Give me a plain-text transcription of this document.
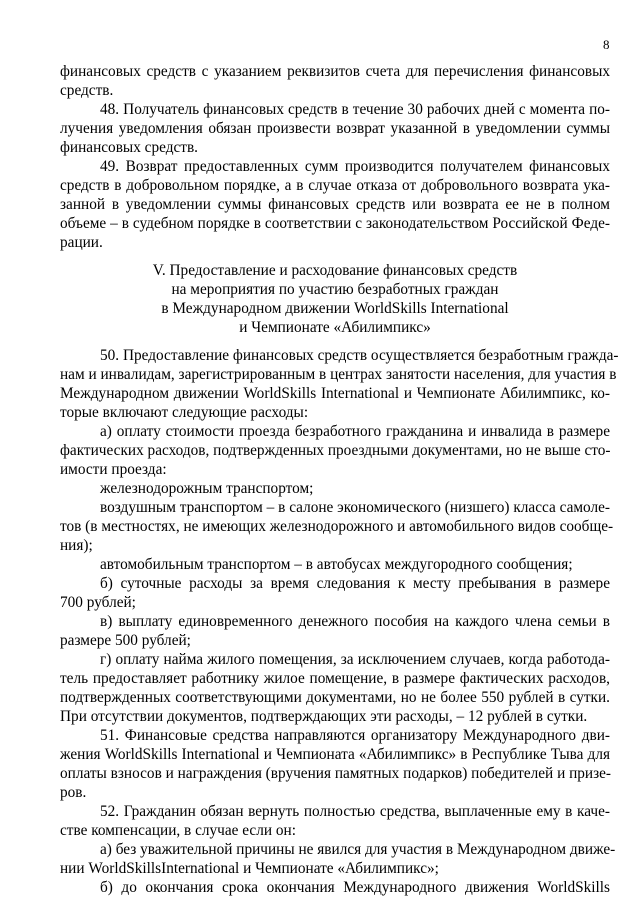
8
финансовых средств с указанием реквизитов счета для перечисления финансовых
средств.
48. Получатель финансовых средств в течение 30 рабочих дней с момента по-
лучения уведомления обязан произвести возврат указанной в уведомлении суммы
финансовых средств.
49. Возврат предоставленных сумм производится получателем финансовых
средств в добровольном порядке, а в случае отказа от добровольного возврата ука-
занной в уведомлении суммы финансовых средств или возврата ее не в полном
объеме – в судебном порядке в соответствии с законодательством Российской Феде-
рации.
V. Предоставление и расходование финансовых средств
на мероприятия по участию безработных граждан
в Международном движении WorldSkills International
и Чемпионате «Абилимпикс»
50. Предоставление финансовых средств осуществляется безработным гражда-
нам и инвалидам, зарегистрированным в центрах занятости населения, для участия в
Международном движении WorldSkills International и Чемпионате Абилимпикс, ко-
торые включают следующие расходы:
а) оплату стоимости проезда безработного гражданина и инвалида в размере
фактических расходов, подтвержденных проездными документами, но не выше сто-
имости проезда:
железнодорожным транспортом;
воздушным транспортом – в салоне экономического (низшего) класса самоле-
тов (в местностях, не имеющих железнодорожного и автомобильного видов сообще-
ния);
автомобильным транспортом – в автобусах междугородного сообщения;
б) суточные расходы за время следования к месту пребывания в размере
700 рублей;
в) выплату единовременного денежного пособия на каждого члена семьи в
размере 500 рублей;
г) оплату найма жилого помещения, за исключением случаев, когда работода-
тель предоставляет работнику жилое помещение, в размере фактических расходов,
подтвержденных соответствующими документами, но не более 550 рублей в сутки.
При отсутствии документов, подтверждающих эти расходы, – 12 рублей в сутки.
51. Финансовые средства направляются организатору Международного дви-
жения WorldSkills International и Чемпионата «Абилимпикс» в Республике Тыва для
оплаты взносов и награждения (вручения памятных подарков) победителей и призе-
ров.
52. Гражданин обязан вернуть полностью средства, выплаченные ему в каче-
стве компенсации, в случае если он:
а) без уважительной причины не явился для участия в Международном движе-
нии WorldSkillsInternational и Чемпионате «Абилимпикс»;
б) до окончания срока окончания Международного движения WorldSkills
